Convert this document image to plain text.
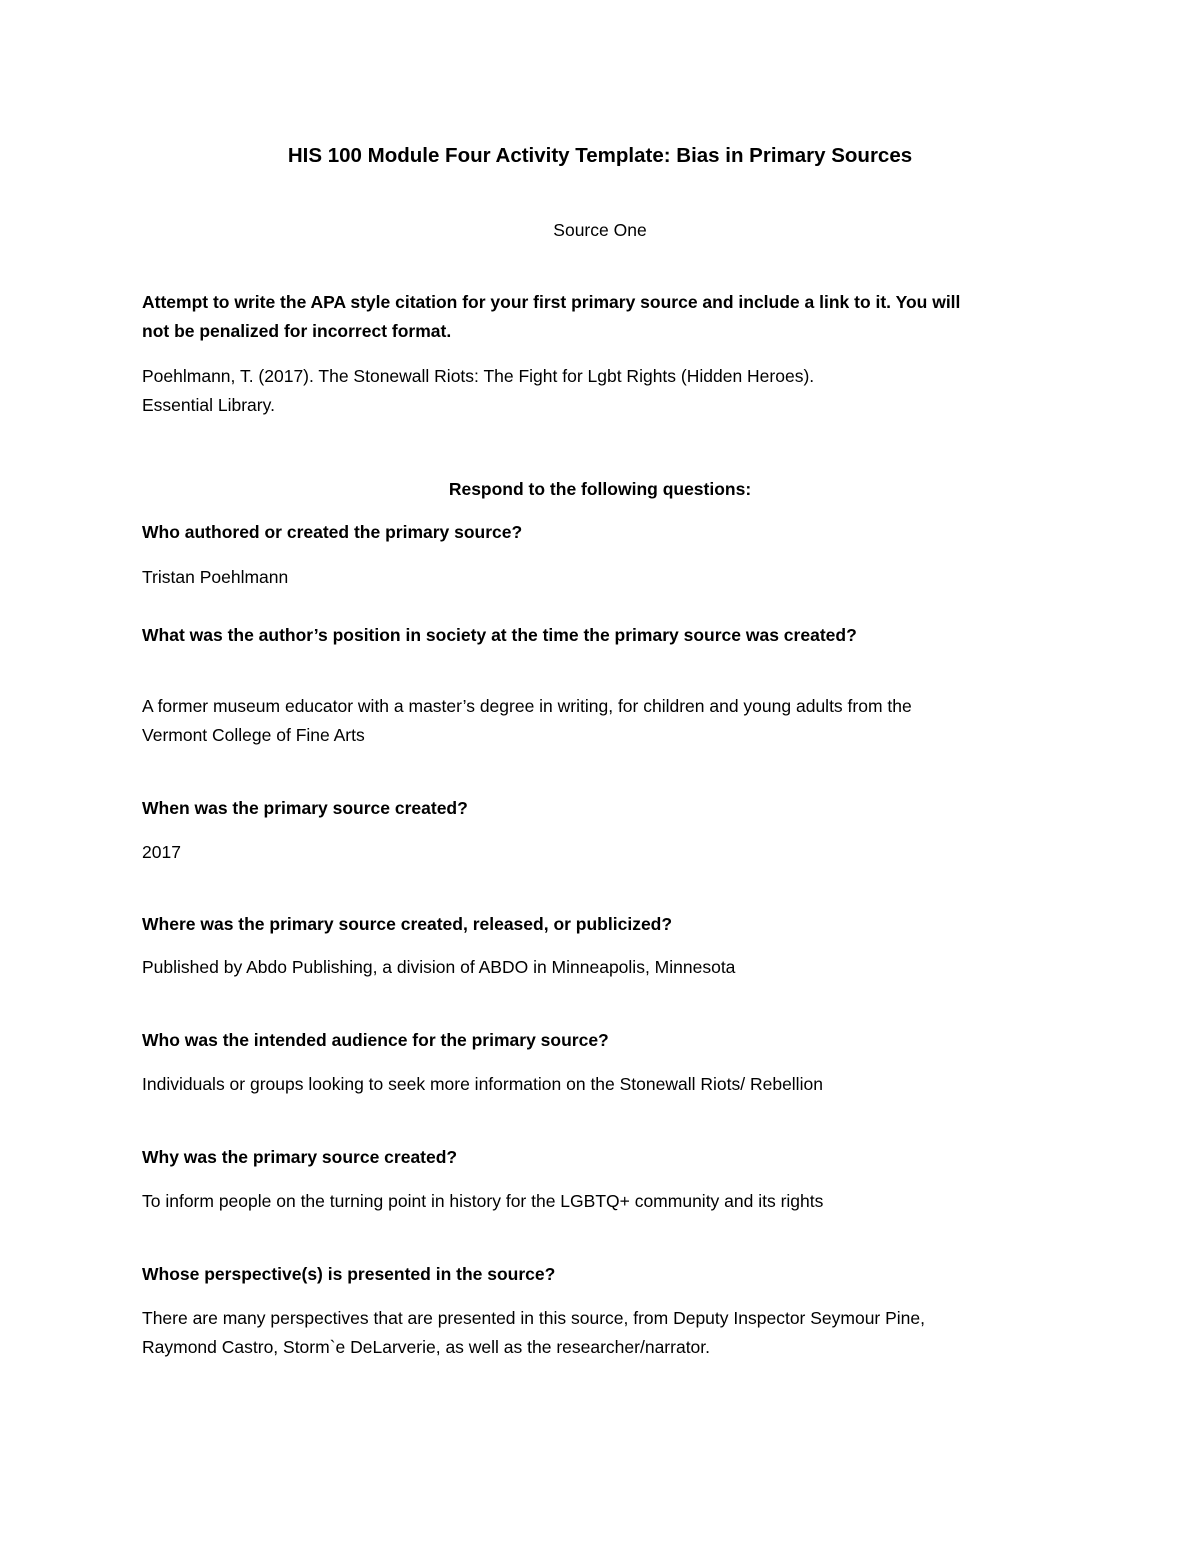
HIS 100 Module Four Activity Template: Bias in Primary Sources

Source One

Attempt to write the APA style citation for your first primary source and include a link to it. You will

not be penalized for incorrect format.

Poehlmann, T. (2017). The Stonewall Riots: The Fight for Lgbt Rights (Hidden Heroes).

Essential Library.

Respond to the following questions:

Who authored or created the primary source?

Tristan Poehlmann

What was the author’s position in society at the time the primary source was created?

A former museum educator with a master’s degree in writing, for children and young adults from the

Vermont College of Fine Arts

When was the primary source created?

2017

Where was the primary source created, released, or publicized?

Published by Abdo Publishing, a division of ABDO in Minneapolis, Minnesota

Who was the intended audience for the primary source?

Individuals or groups looking to seek more information on the Stonewall Riots/ Rebellion

Why was the primary source created?

To inform people on the turning point in history for the LGBTQ+ community and its rights

Whose perspective(s) is presented in the source?

There are many perspectives that are presented in this source, from Deputy Inspector Seymour Pine,

Raymond Castro, Storm`e DeLarverie, as well as the researcher/narrator.
